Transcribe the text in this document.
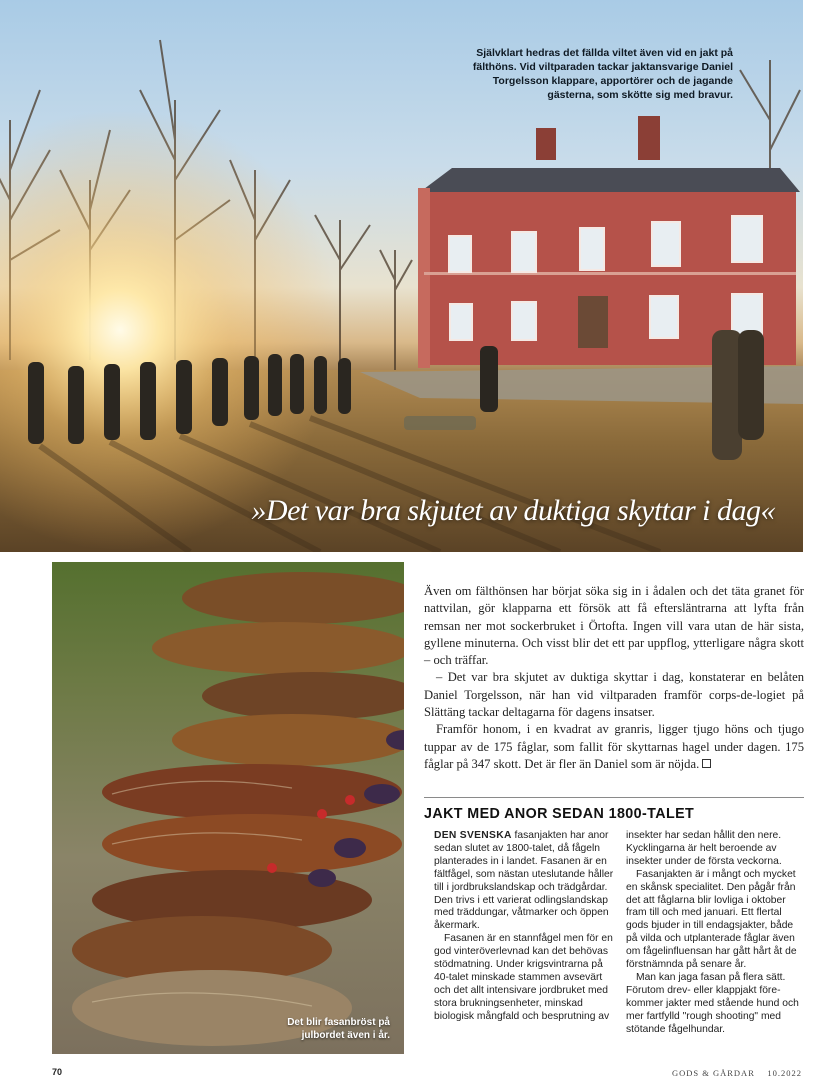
Självklart hedras det fällda viltet även vid en jakt på fälthöns. Vid viltparaden tackar jaktansvarige Daniel Torgelsson klappare, apportörer och de jagande gästerna, som skötte sig med bravur.
»Det var bra skjutet av duktiga skyttar i dag«
Det blir fasanbröst på julbordet även i år.

Även om fälthönsen har börjat söka sig in i ådalen och det täta granet för nattvilan, gör klapparna ett försök att få eftersläntrarna att lyfta från remsan ner mot sockerbruket i Örtofta. Ingen vill vara utan de här sista, gyllene minuterna. Och visst blir det ett par uppflog, ytterligare några skott – och träffar.

– Det var bra skjutet av duktiga skyttar i dag, konstaterar en belåten Daniel Torgelsson, när han vid viltparaden framför corps-de-logiet på Slättäng tackar deltagarna för dagens insatser.

Framför honom, i en kvadrat av granris, ligger tjugo höns och tjugo tuppar av de 175 fåglar, som fallit för skyttarnas hagel under dagen. 175 fåglar på 347 skott. Det är fler än Daniel som är nöjda.

JAKT MED ANOR SEDAN 1800-TALET

DEN SVENSKA fasanjakten har anor sedan slutet av 1800-talet, då fågeln planterades in i landet. Fasanen är en fältfågel, som nästan uteslutande håller till i jordbrukslandskap och trädgårdar. Den trivs i ett varierat odlingslandskap med träddungar, våtmarker och öppen åkermark.

Fasanen är en stannfågel men för en god vinteröverlevnad kan det behövas stödmatning. Under krigsvintrarna på 40-talet minskade stammen avsevärt och det allt intensivare jordbruket med stora brukningsenheter, minskad biologisk mångfald och besprutning av

insekter har sedan hållit den nere. Kycklingarna är helt beroende av insekter under de första veckorna.

Fasanjakten är i mångt och mycket en skånsk specialitet. Den pågår från det att fåglarna blir lovliga i oktober fram till och med januari. Ett flertal gods bjuder in till endagsjakter, både på vilda och utplanterade fåglar även om fågelinfluensan har gått hårt åt de förstnämnda på senare år.

Man kan jaga fasan på flera sätt. Förutom drev- eller klappjakt förekommer jakter med stående hund och mer fartfylld "rough shooting" med stötande fågelhundar.

70	GODS & GÅRDAR 10.2022
